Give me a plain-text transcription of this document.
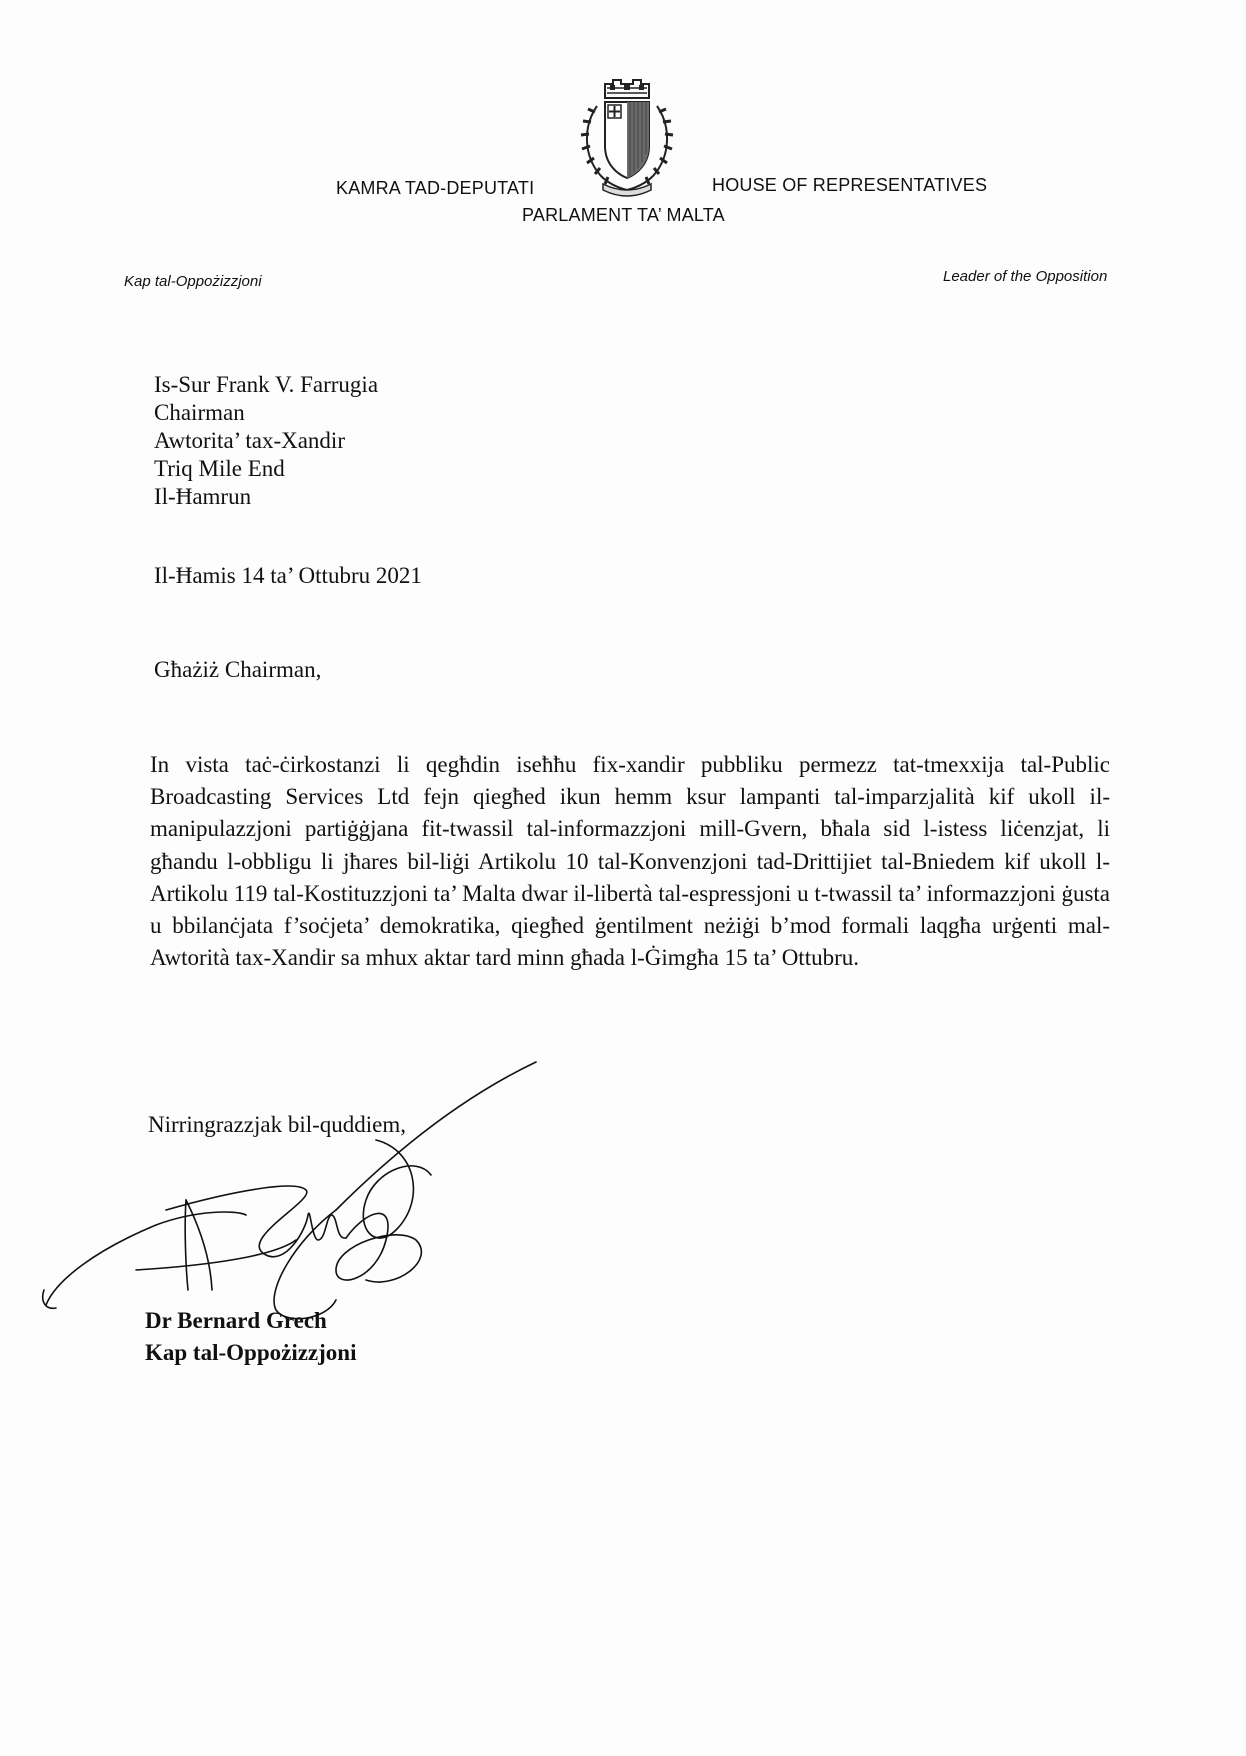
KAMRA TAD-DEPUTATI	HOUSE OF REPRESENTATIVES
PARLAMENT TA’ MALTA
Kap tal-Oppożizzjoni	Leader of the Opposition
Is-Sur Frank V. Farrugia
Chairman
Awtorita’ tax-Xandir
Triq Mile End
Il-Ħamrun
Il-Ħamis 14 ta’ Ottubru 2021
Għażiż Chairman,
In vista taċ-ċirkostanzi li qegħdin iseħħu fix-xandir pubbliku permezz tat-tmexxija tal-Public Broadcasting Services Ltd fejn qiegħed ikun hemm ksur lampanti tal-imparzjalità kif ukoll il-manipulazzjoni partiġġjana fit-twassil tal-informazzjoni mill-Gvern, bħala sid l-istess liċenzjat, li għandu l-obbligu li jħares bil-liġi Artikolu 10 tal-Konvenzjoni tad-Drittijiet tal-Bniedem kif ukoll l-Artikolu 119 tal-Kostituzzjoni ta’ Malta dwar il-libertà tal-espressjoni u t-twassil ta’ informazzjoni ġusta u bbilanċjata f’soċjeta’ demokratika, qiegħed ġentilment neżiġi b’mod formali laqgħa urġenti mal-Awtorità tax-Xandir sa mhux aktar tard minn għada l-Ġimgħa 15 ta’ Ottubru.
Nirringrazzjak bil-quddiem,
Dr Bernard Grech
Kap tal-Oppożizzjoni
